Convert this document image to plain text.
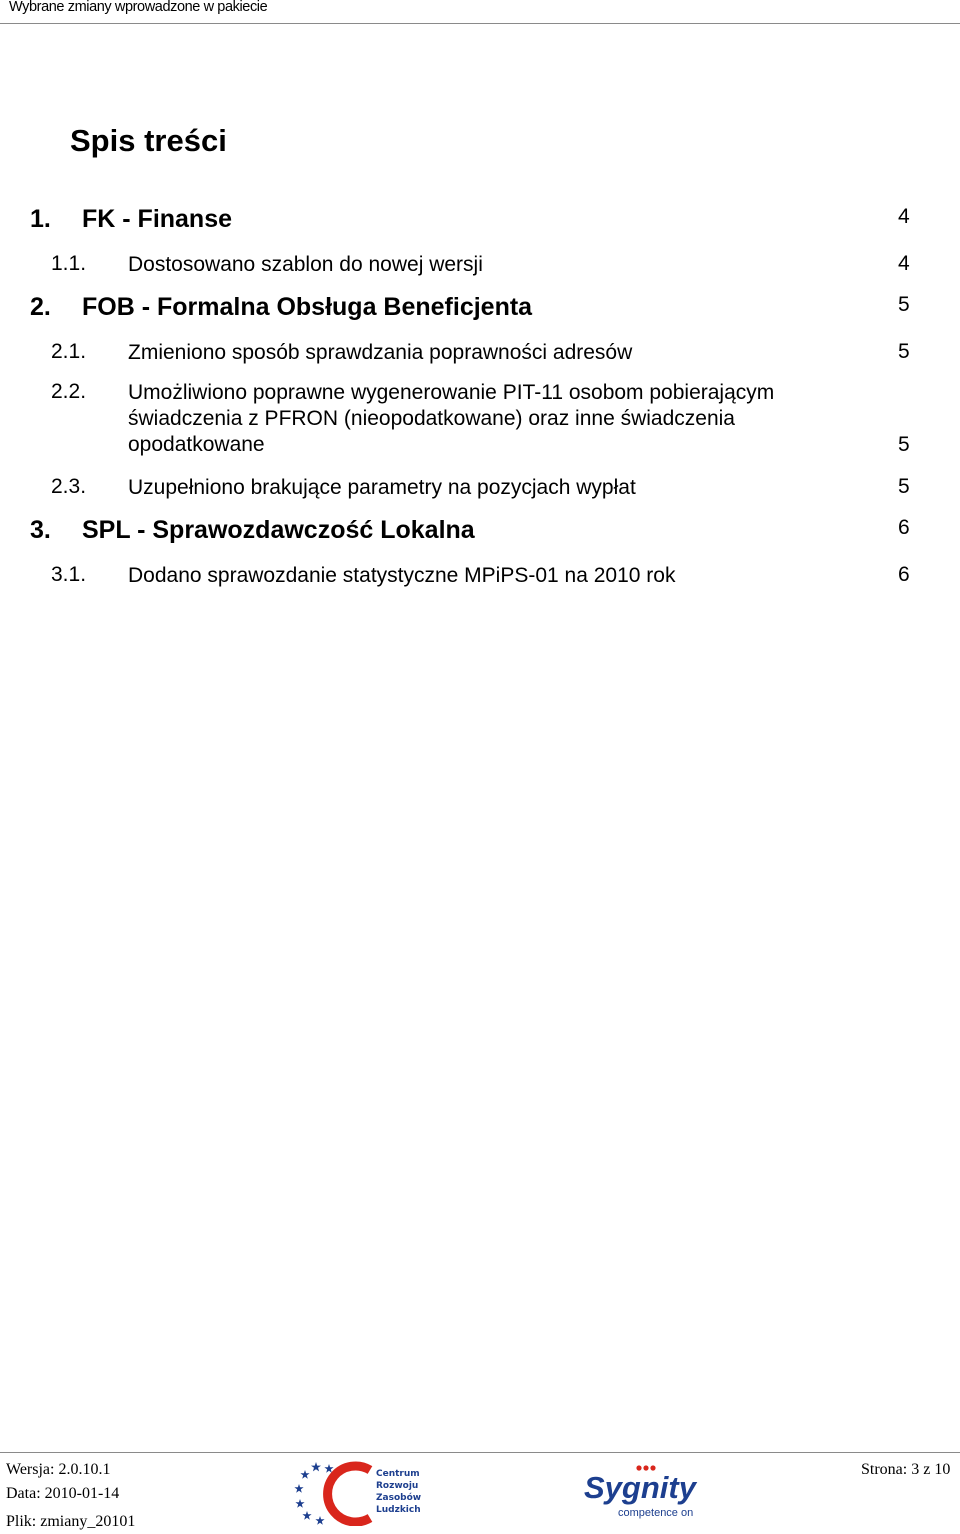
Wybrane zmiany wprowadzone w pakiecie
Spis treści
1. FK - Finanse	4
1.1. Dostosowano szablon do nowej wersji	4
2. FOB - Formalna Obsługa Beneficjenta	5
2.1. Zmieniono sposób sprawdzania poprawności adresów	5
2.2. Umożliwiono poprawne wygenerowanie PIT-11 osobom pobierającym świadczenia z PFRON (nieopodatkowane) oraz inne świadczenia opodatkowane	5
2.3. Uzupełniono brakujące parametry na pozycjach wypłat	5
3. SPL - Sprawozdawczość Lokalna	6
3.1. Dodano sprawozdanie statystyczne MPiPS-01 na 2010 rok	6
Wersja: 2.0.10.1
Data: 2010-01-14
Plik: zmiany_20101
Strona: 3 z 10
Centrum
Rozwoju
Zasobów
Ludzkich
Sygnity
competence on
